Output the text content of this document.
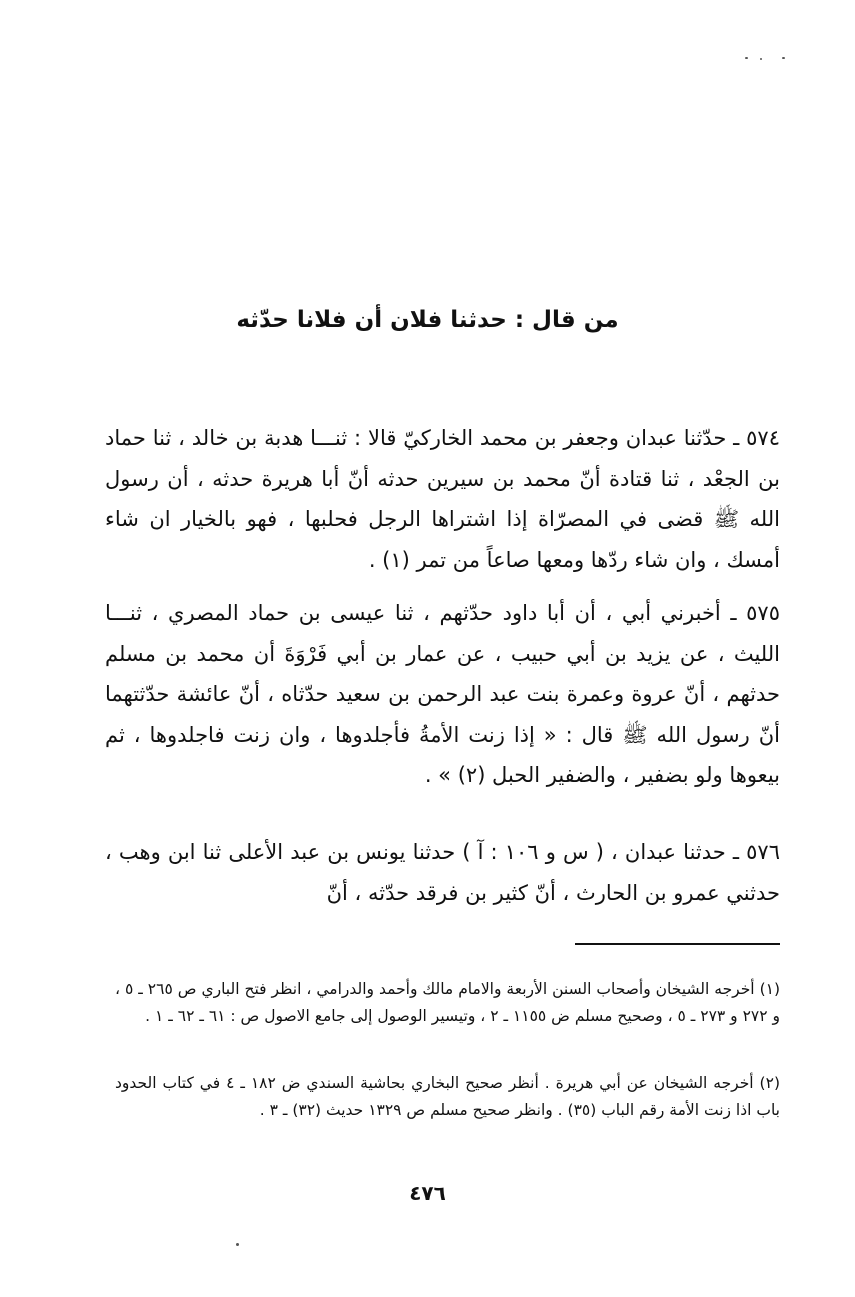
من قال : حدثنا فلان أن فلانا حدّثه

٥٧٤ ـ حدّثنا عبدان وجعفر بن محمد الخاركيّ قالا : ثنـــا هدبة بن خالد ، ثنا حماد بن الجعْد ، ثنا قتادة أنّ محمد بن سيرين حدثه أنّ أبا هريرة حدثه ، أن رسول الله ﷺ قضى في المصرّاة إذا اشتراها الرجل فحلبها ، فهو بالخيار ان شاء أمسك ، وان شاء ردّها ومعها صاعاً من تمر (١) .

٥٧٥ ـ أخبرني أبي ، أن أبا داود حدّثهم ، ثنا عيسى بن حماد المصري ، ثنـــا الليث ، عن يزيد بن أبي حبيب ، عن عمار بن أبي فَرْوَةَ أن محمد بن مسلم حدثهم ، أنّ عروة وعمرة بنت عبد الرحمن بن سعيد حدّثاه ، أنّ عائشة حدّثتهما أنّ رسول الله ﷺ قال : « إذا زنت الأمةُ فأجلدوها ، وان زنت فاجلدوها ، ثم بيعوها ولو بضفير ، والضفير الحبل (٢) » .

٥٧٦ ـ حدثنا عبدان ، ( س و ١٠٦ : آ ) حدثنا يونس بن عبد الأعلى ثنا ابن وهب ، حدثني عمرو بن الحارث ، أنّ كثير بن فرقد حدّثه ، أنّ

(١) أخرجه الشيخان وأصحاب السنن الأربعة والامام مالك وأحمد والدرامي ، انظر فتح الباري ص ٢٦٥ ـ ٥ ، و ٢٧٢ و ٢٧٣ ـ ٥ ، وصحيح مسلم ض ١١٥٥ ـ ٢ ، وتيسير الوصول إلى جامع الاصول ص : ٦١ ـ ٦٢ ـ ١ .

(٢) أخرجه الشيخان عن أبي هريرة . أنظر صحيح البخاري بحاشية السندي ض ١٨٢ ـ ٤ في كتاب الحدود باب اذا زنت الأمة رقم الباب (٣٥) . وانظر صحيح مسلم ص ١٣٢٩ حديث (٣٢) ـ ٣ .

٤٧٦
